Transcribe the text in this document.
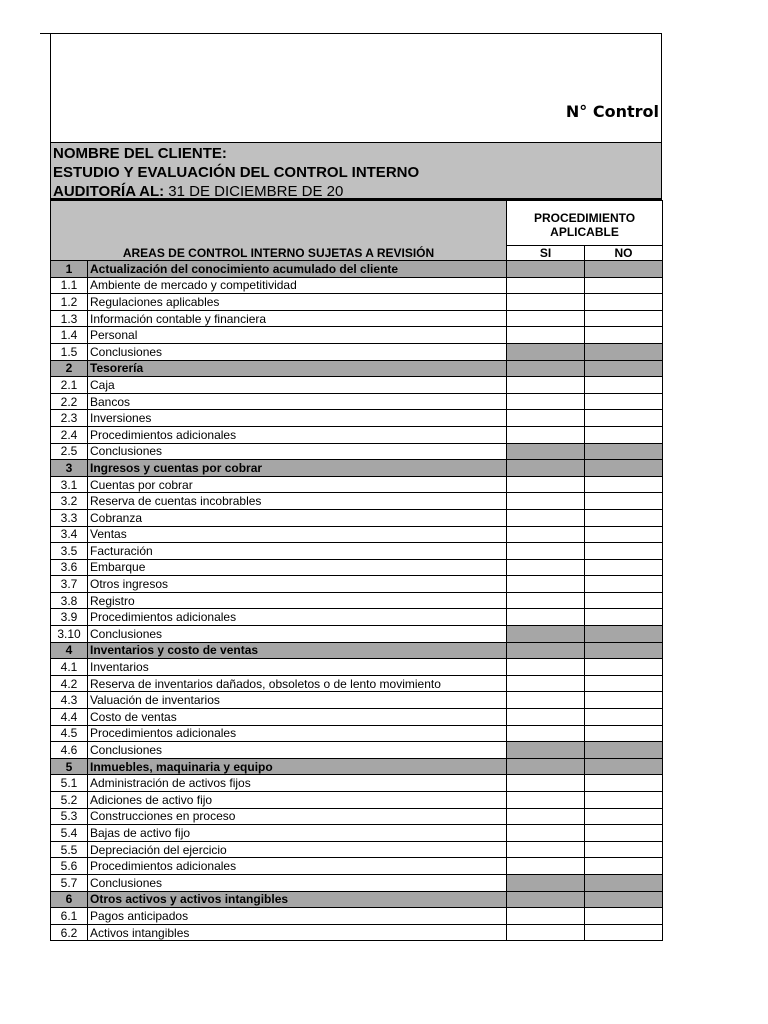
N° Control
NOMBRE DEL CLIENTE:
ESTUDIO Y EVALUACIÓN DEL CONTROL INTERNO
AUDITORÍA AL: 31 DE DICIEMBRE DE 20___
AREAS DE CONTROL INTERNO SUJETAS A REVISIÓN		PROCEDIMIENTO APLICABLE	
		SI	NO
1	Actualización del conocimiento acumulado del cliente		
1.1	Ambiente de mercado y competitividad		
1.2	Regulaciones aplicables		
1.3	Información contable y financiera		
1.4	Personal		
1.5	Conclusiones		
2	Tesorería		
2.1	Caja		
2.2	Bancos		
2.3	Inversiones		
2.4	Procedimientos adicionales		
2.5	Conclusiones		
3	Ingresos y cuentas por cobrar		
3.1	Cuentas por cobrar		
3.2	Reserva de cuentas incobrables		
3.3	Cobranza		
3.4	Ventas		
3.5	Facturación		
3.6	Embarque		
3.7	Otros ingresos		
3.8	Registro		
3.9	Procedimientos adicionales		
3.10	Conclusiones		
4	Inventarios y costo de ventas		
4.1	Inventarios		
4.2	Reserva de inventarios dañados, obsoletos o de lento movimiento		
4.3	Valuación de inventarios		
4.4	Costo de ventas		
4.5	Procedimientos adicionales		
4.6	Conclusiones		
5	Inmuebles, maquinaria y equipo		
5.1	Administración de activos fijos		
5.2	Adiciones de activo fijo		
5.3	Construcciones en proceso		
5.4	Bajas de activo fijo		
5.5	Depreciación del ejercicio		
5.6	Procedimientos adicionales		
5.7	Conclusiones		
6	Otros activos y activos intangibles		
6.1	Pagos anticipados		
6.2	Activos intangibles		
